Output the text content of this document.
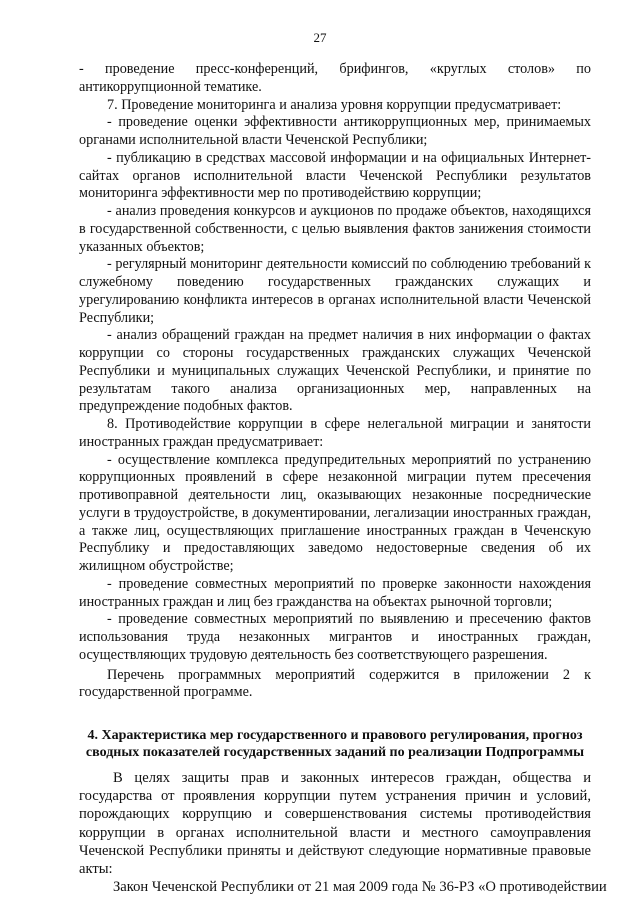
27

- проведение пресс-конференций, брифингов, «круглых столов» по антикоррупционной тематике.

7. Проведение мониторинга и анализа уровня коррупции предусматривает:

- проведение оценки эффективности антикоррупционных мер, принимаемых органами исполнительной власти Чеченской Республики;

- публикацию в средствах массовой информации и на официальных Интернет-сайтах органов исполнительной власти Чеченской Республики результатов мониторинга эффективности мер по противодействию коррупции;

- анализ проведения конкурсов и аукционов по продаже объектов, находящихся в государственной собственности, с целью выявления фактов занижения стоимости указанных объектов;

- регулярный мониторинг деятельности комиссий по соблюдению требований к служебному поведению государственных гражданских служащих и урегулированию конфликта интересов в органах исполнительной власти Чеченской Республики;

- анализ обращений граждан на предмет наличия в них информации о фактах коррупции со стороны государственных гражданских служащих Чеченской Республики и муниципальных служащих Чеченской Республики, и принятие по результатам такого анализа организационных мер, направленных на предупреждение подобных фактов.

8. Противодействие коррупции в сфере нелегальной миграции и занятости иностранных граждан предусматривает:

- осуществление комплекса предупредительных мероприятий по устранению коррупционных проявлений в сфере незаконной миграции путем пресечения противоправной деятельности лиц, оказывающих незаконные посреднические услуги в трудоустройстве, в документировании, легализации иностранных граждан, а также лиц, осуществляющих приглашение иностранных граждан в Чеченскую Республику и предоставляющих заведомо недостоверные сведения об их жилищном обустройстве;

- проведение совместных мероприятий по проверке законности нахождения иностранных граждан и лиц без гражданства на объектах рыночной торговли;

- проведение совместных мероприятий по выявлению и пресечению фактов использования труда незаконных мигрантов и иностранных граждан, осуществляющих трудовую деятельность без соответствующего разрешения.

Перечень программных мероприятий содержится в приложении 2 к государственной программе.

4. Характеристика мер государственного и правового регулирования, прогноз сводных показателей государственных заданий по реализации Подпрограммы

В целях защиты прав и законных интересов граждан, общества и государства от проявления коррупции путем устранения причин и условий, порождающих коррупцию и совершенствования системы противодействия коррупции в органах исполнительной власти и местного самоуправления Чеченской Республики приняты и действуют следующие нормативные правовые акты:

Закон Чеченской Республики от 21 мая 2009 года № 36-РЗ «О противодействии
